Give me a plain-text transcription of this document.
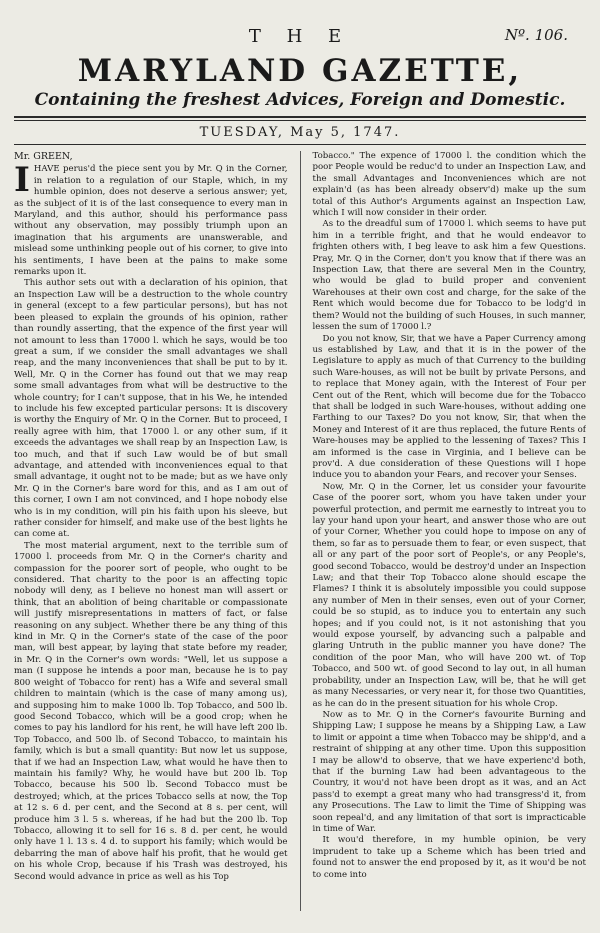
T H E	Nº. 106.
MARYLAND GAZETTE,
Containing the freshest Advices, Foreign and Domestic.
TUESDAY, May 5, 1747.
Mr. GREEN,
I HAVE perus'd the piece sent you by Mr. Q in the Corner, in relation to a regulation of our Staple, which, in my humble opinion, does not deserve a serious answer; yet, as the subject of it is of the last consequence to every man in Maryland, and this author, should his performance pass without any observation, may possibly triumph upon an imagination that his arguments are unanswerable, and mislead some unthinking people out of his corner, to give into his sentiments, I have been at the pains to make some remarks upon it.

This author sets out with a declaration of his opinion, that an Inspection Law will be a destruction to the whole country in general (except to a few particular persons), but has not been pleased to explain the grounds of his opinion, rather than roundly asserting, that the expence of the first year will not amount to less than 17000 l. which he says, would be too great a sum, if we consider the small advantages we shall reap, and the many inconveniences that shall be put to by it. Well, Mr. Q in the Corner has found out that we may reap some small advantages from what will be destructive to the whole country; for I can't suppose, that in his We, he intended to include his few excepted particular persons: It is discovery is worthy the Enquiry of Mr. Q in the Corner. But to proceed, I really agree with him, that 17000 l. or any other sum, if it exceeds the advantages we shall reap by an Inspection Law, is too much, and that if such Law would be of but small advantage, and attended with inconveniences equal to that small advantage, it ought not to be made; but as we have only Mr. Q in the Corner's bare word for this, and as I am out of this corner, I own I am not convinced, and I hope nobody else who is in my condition, will pin his faith upon his sleeve, but rather consider for himself, and make use of the best lights he can come at.

The most material argument, next to the terrible sum of 17000 l. proceeds from Mr. Q in the Corner's charity and compassion for the poorer sort of people, who ought to be considered. That charity to the poor is an affecting topic nobody will deny, as I believe no honest man will assert or think, that an abolition of being charitable or compassionate will justify misrepresentations in matters of fact, or false reasoning on any subject. Whether there be any thing of this kind in Mr. Q in the Corner's state of the case of the poor man, will best appear, by laying that state before my reader, in Mr. Q in the Corner's own words: "Well, let us suppose a man (I suppose he intends a poor man, because he is to pay 800 weight of Tobacco for rent) has a Wife and several small children to maintain (which is the case of many among us), and supposing him to make 1000 lb. Top Tobacco, and 500 lb. good Second Tobacco, which will be a good crop; when he comes to pay his landlord for his rent, he will have left 200 lb. Top Tobacco, and 500 lb. of Second Tobacco, to maintain his family, which is but a small quantity: But now let us suppose, that if we had an Inspection Law, what would he have then to maintain his family? Why, he would have but 200 lb. Top Tobacco, because his 500 lb. Second Tobacco must be destroyed; which, at the prices Tobacco sells at now, the Top at 12 s. 6 d. per cent, and the Second at 8 s. per cent, will produce him 3 l. 5 s. whereas, if he had but the 200 lb. Top Tobacco, allowing it to sell for 16 s. 8 d. per cent, he would only have 1 l. 13 s. 4 d. to support his family; which would be debarring the man of above half his profit, that he would get on his whole Crop, because if his Trash was destroyed, his Second would advance in price as well as his Top

Tobacco." The expence of 17000 l. the condition which the poor People would be reduc'd to under an Inspection Law, and the small Advantages and Inconveniences which are not explain'd (as has been already observ'd) make up the sum total of this Author's Arguments against an Inspection Law, which I will now consider in their order.

As to the dreadful sum of 17000 l. which seems to have put him in a terrible fright, and that he would endeavor to frighten others with, I beg leave to ask him a few Questions. Pray, Mr. Q in the Corner, don't you know that if there was an Inspection Law, that there are several Men in the Country, who would be glad to build proper and convenient Warehouses at their own cost and charge, for the sake of the Rent which would become due for Tobacco to be lodg'd in them? Would not the building of such Houses, in such manner, lessen the sum of 17000 l.?

Do you not know, Sir, that we have a Paper Currency among us established by Law, and that it is in the power of the Legislature to apply as much of that Currency to the building such Ware-houses, as will not be built by private Persons, and to replace that Money again, with the Interest of Four per Cent out of the Rent, which will become due for the Tobacco that shall be lodged in such Ware-houses, without adding one Farthing to our Taxes? Do you not know, Sir, that when the Money and Interest of it are thus replaced, the future Rents of Ware-houses may be applied to the lessening of Taxes? This I am informed is the case in Virginia, and I believe can be prov'd. A due consideration of these Questions will I hope induce you to abandon your Fears, and recover your Senses.

Now, Mr. Q in the Corner, let us consider your favourite Case of the poorer sort, whom you have taken under your powerful protection, and permit me earnestly to intreat you to lay your hand upon your heart, and answer those who are out of your Corner, Whether you could hope to impose on any of them, so far as to persuade them to fear, or even suspect, that all or any part of the poor sort of People's, or any People's, good second Tobacco, would be destroy'd under an Inspection Law; and that their Top Tobacco alone should escape the Flames? I think it is absolutely impossible you could suppose any number of Men in their senses, even out of your Corner, could be so stupid, as to induce you to entertain any such hopes; and if you could not, is it not astonishing that you would expose yourself, by advancing such a palpable and glaring Untruth in the public manner you have done? The condition of the poor Man, who will have 200 wt. of Top Tobacco, and 500 wt. of good Second to lay out, in all human probability, under an Inspection Law, will be, that he will get as many Necessaries, or very near it, for those two Quantities, as he can do in the present situation for his whole Crop.

Now as to Mr. Q in the Corner's favourite Burning and Shipping Law; I suppose he means by a Shipping Law, a Law to limit or appoint a time when Tobacco may be shipp'd, and a restraint of shipping at any other time. Upon this supposition I may be allow'd to observe, that we have experienc'd both, that if the burning Law had been advantageous to the Country, it wou'd not have been dropt as it was, and an Act pass'd to exempt a great many who had transgress'd it, from any Prosecutions. The Law to limit the Time of Shipping was soon repeal'd, and any limitation of that sort is impracticable in time of War.

It wou'd therefore, in my humble opinion, be very imprudent to take up a Scheme which has been tried and found not to answer the end proposed by it, as it wou'd be not to come into
